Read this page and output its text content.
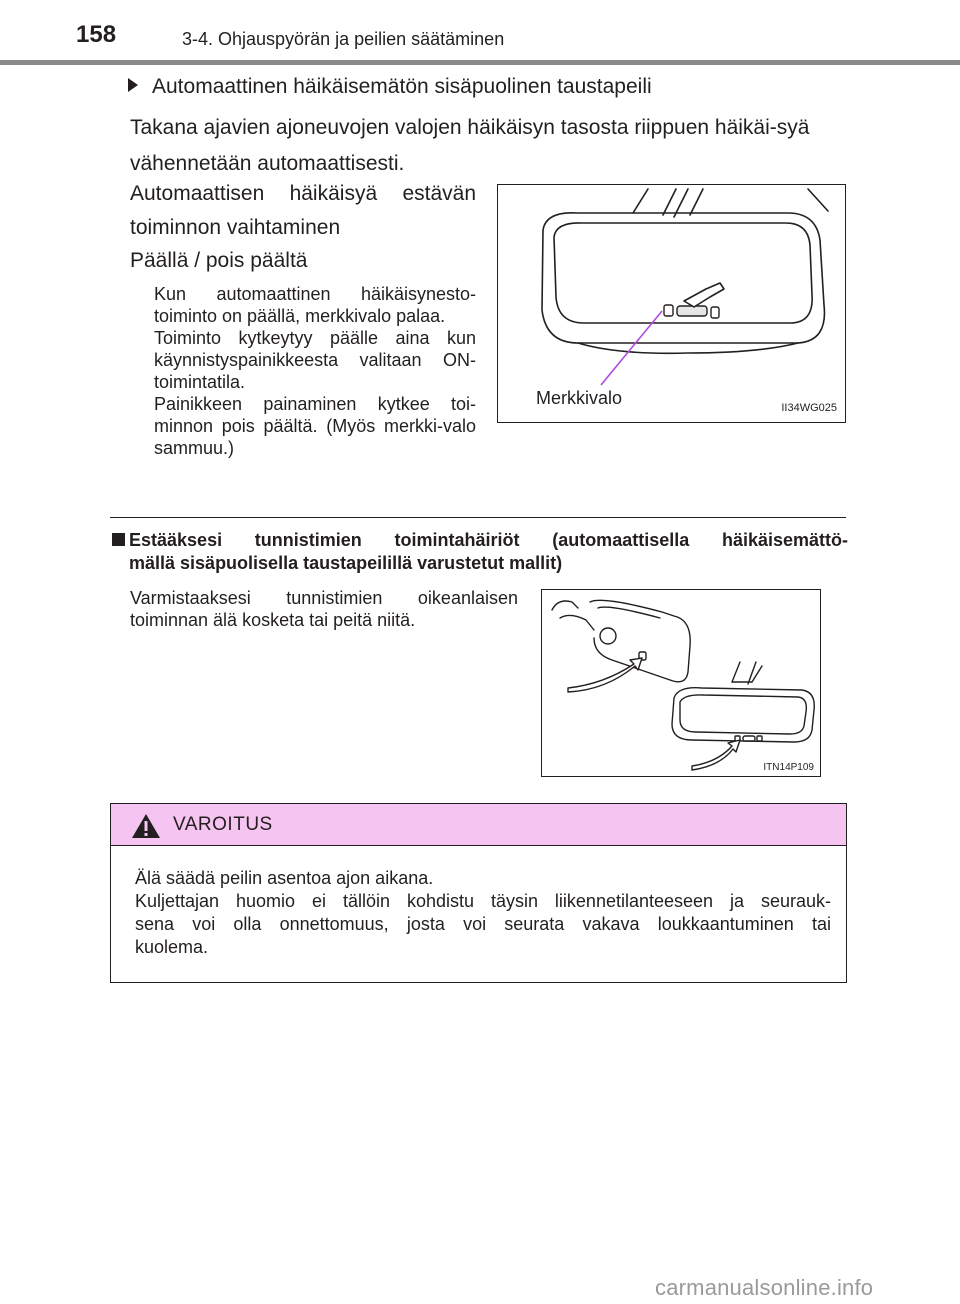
158	3-4. Ohjauspyörän ja peilien säätäminen
Automaattinen häikäisemätön sisäpuolinen taustapeili
Takana ajavien ajoneuvojen valojen häikäisyn tasosta riippuen häikäi-syä vähennetään automaattisesti.
Automaattisen häikäisyä estävän
toiminnon vaihtaminen
Päällä / pois päältä

Kun automaattinen häikäisynesto-toiminto on päällä, merkkivalo palaa.

Toiminto kytkeytyy päälle aina kun käynnistyspainikkeesta valitaan ON-toimintatila.

Painikkeen painaminen kytkee toi-minnon pois päältä. (Myös merkki-valo sammuu.)

Merkkivalo	II34WG025
Estääksesi tunnistimien toimintahäiriöt (automaattisella häikäisemättö-
mällä sisäpuolisella taustapeilillä varustetut mallit)
Varmistaaksesi tunnistimien oikeanlaisen
toiminnan älä kosketa tai peitä niitä.
ITN14P109
VAROITUS
Älä säädä peilin asentoa ajon aikana.
Kuljettajan huomio ei tällöin kohdistu täysin liikennetilanteeseen ja seurauk-
sena voi olla onnettomuus, josta voi seurata vakava loukkaantuminen tai
kuolema.
carmanualsonline.info
